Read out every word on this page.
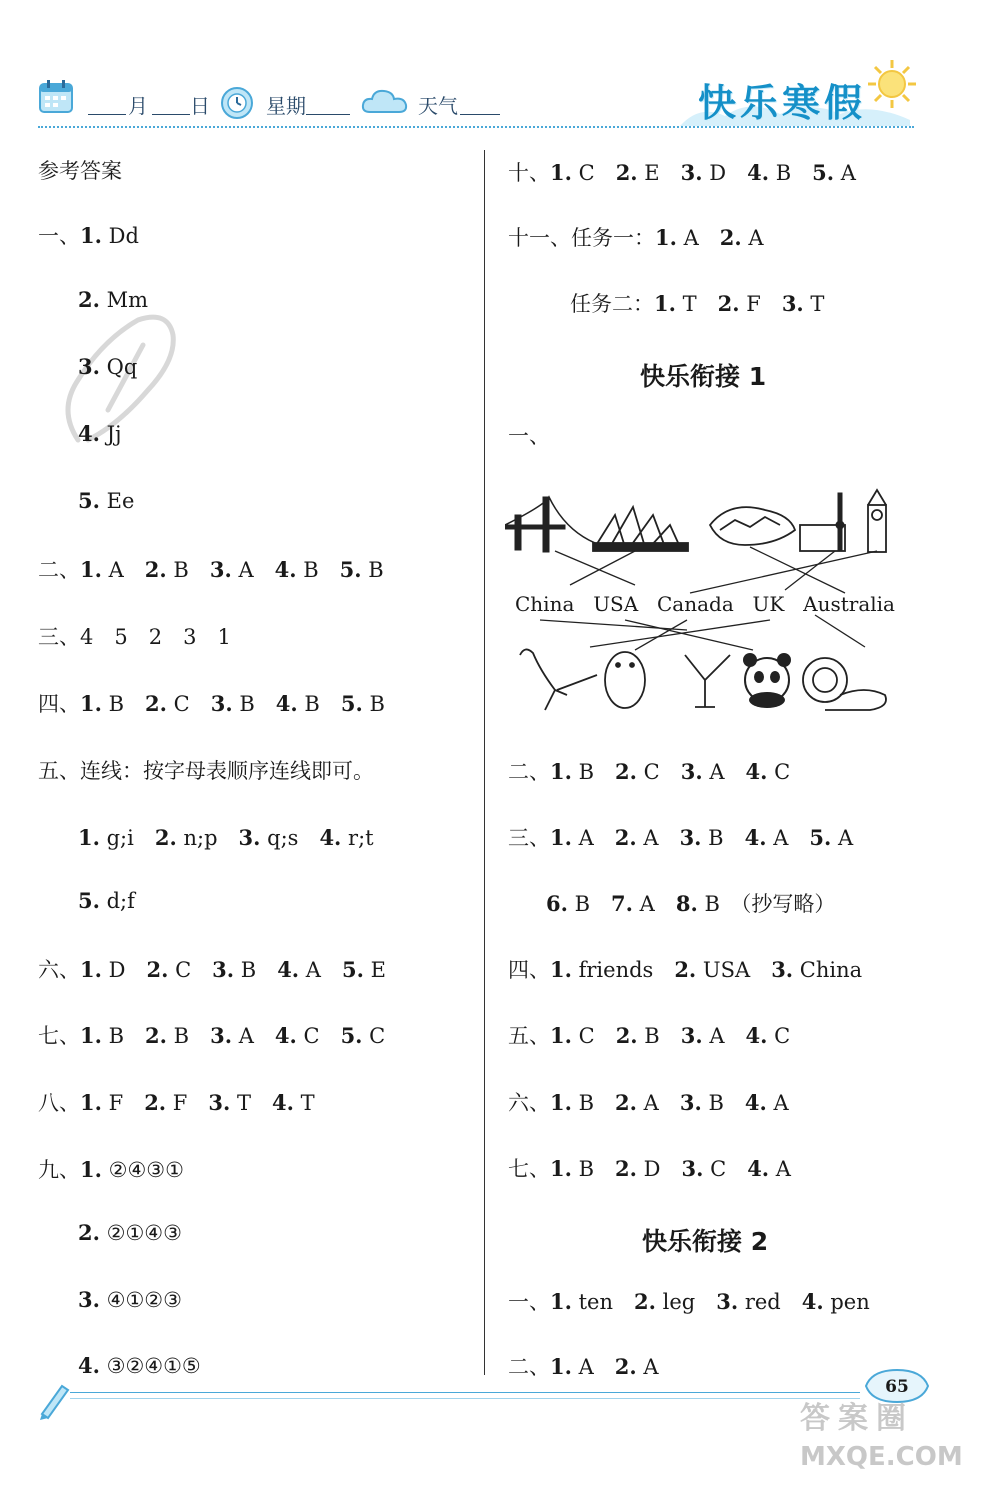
月 日	星期	天气	快乐寒假
参考答案
一、1. Dd
2. Mm
3. Qq
4. Jj
5. Ee
二、1. A　2. B　3. A　4. B　5. B
三、4　5　2　3　1
四、1. B　2. C　3. B　4. B　5. B
五、连线：按字母表顺序连线即可。
1. g;i　2. n;p　3. q;s　4. r;t
5. d;f
六、1. D　2. C　3. B　4. A　5. E
七、1. B　2. B　3. A　4. C　5. C
八、1. F　2. F　3. T　4. T
九、1. ②④③①
2. ②①④③
3. ④①②③
4. ③②④①⑤
十、1. C　2. E　3. D　4. B　5. A
十一、任务一：1. A　2. A
任务二：1. T　2. F　3. T
快乐衔接 1
一、
二、1. B　2. C　3. A　4. C
三、1. A　2. A　3. B　4. A　5. A
6. B　7. A　8. B　（抄写略）
四、1. friends　2. USA　3. China
五、1. C　2. B　3. A　4. C
六、1. B　2. A　3. B　4. A
七、1. B　2. D　3. C　4. A
快乐衔接 2
一、1. ten　2. leg　3. red　4. pen
二、1. A　2. A
China USA Canada UK Australia
65
答案圈
MXQE.COM
